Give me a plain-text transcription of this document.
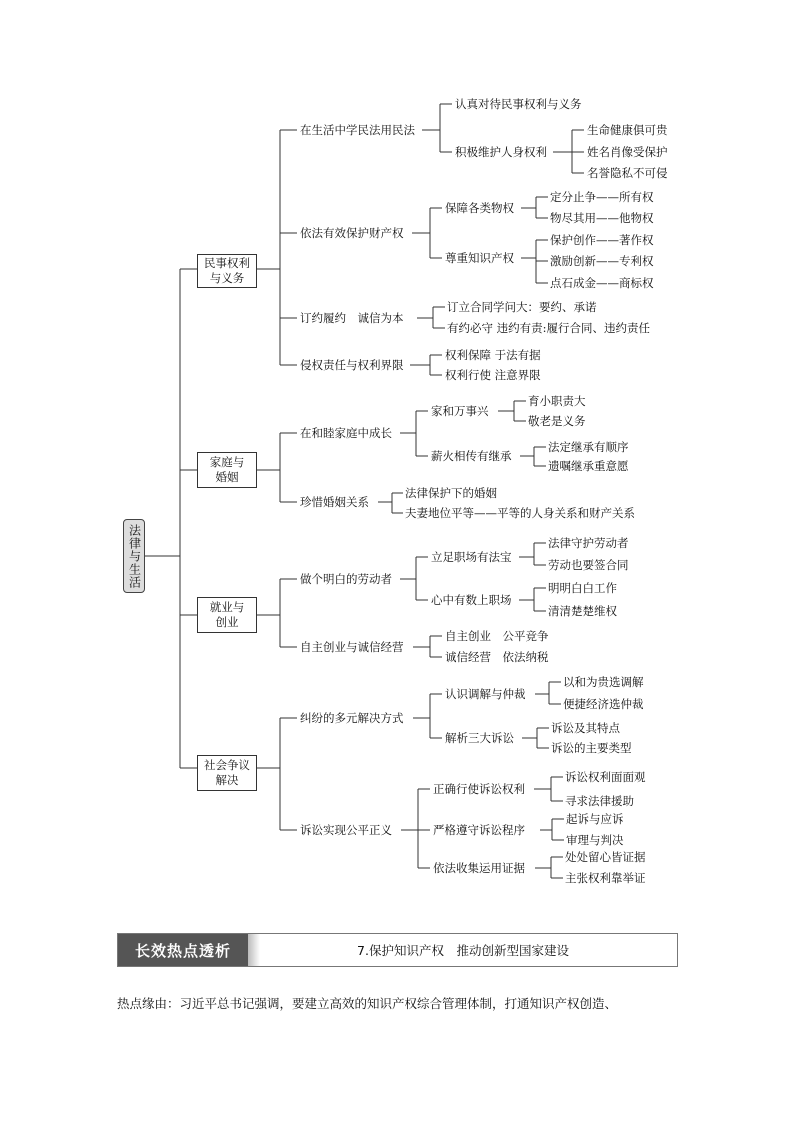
法律与生活
民事权利与义务
家庭与婚姻
就业与创业
社会争议解决
在生活中学民法用民法
认真对待民事权利与义务
积极维护人身权利
生命健康俱可贵
姓名肖像受保护
名誉隐私不可侵
依法有效保护财产权
保障各类物权
尊重知识产权
定分止争——所有权
物尽其用——他物权
保护创作——著作权
激励创新——专利权
点石成金——商标权
订约履约　诚信为本
订立合同学问大：要约、承诺
有约必守 违约有责:履行合同、违约责任
侵权责任与权利界限
权利保障 于法有据
权利行使 注意界限
在和睦家庭中成长
家和万事兴
薪火相传有继承
育小职责大
敬老是义务
法定继承有顺序
遗嘱继承重意愿
珍惜婚姻关系
法律保护下的婚姻
夫妻地位平等——平等的人身关系和财产关系
做个明白的劳动者
立足职场有法宝
心中有数上职场
法律守护劳动者
劳动也要签合同
明明白白工作
清清楚楚维权
自主创业与诚信经营
自主创业　公平竞争
诚信经营　依法纳税
纠纷的多元解决方式
认识调解与仲裁
解析三大诉讼
以和为贵选调解
便捷经济选仲裁
诉讼及其特点
诉讼的主要类型
诉讼实现公平正义
正确行使诉讼权利
严格遵守诉讼程序
依法收集运用证据
诉讼权利面面观
寻求法律援助
起诉与应诉
审理与判决
处处留心皆证据
主张权利靠举证
长效热点透析	7.保护知识产权　推动创新型国家建设
热点缘由：习近平总书记强调，要建立高效的知识产权综合管理体制，打通知识产权创造、
